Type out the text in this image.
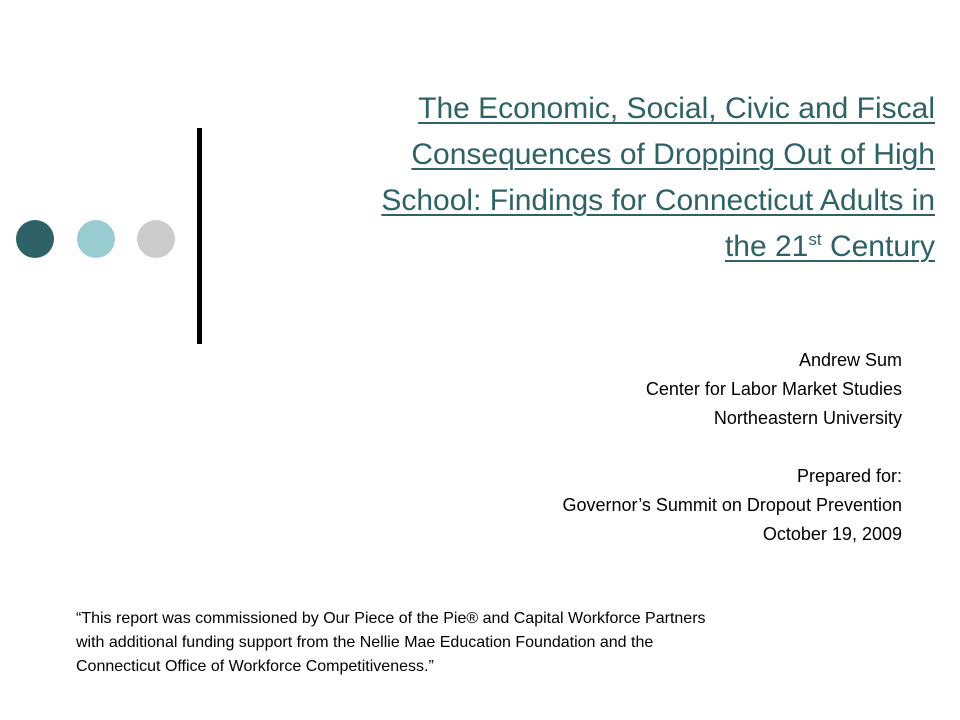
The Economic, Social, Civic and Fiscal
Consequences of Dropping Out of High
School: Findings for Connecticut Adults in
the 21st Century
Andrew Sum
Center for Labor Market Studies
Northeastern University
Prepared for:
Governor’s Summit on Dropout Prevention
October 19, 2009
“This report was commissioned by Our Piece of the Pie® and Capital Workforce Partners
with additional funding support from the Nellie Mae Education Foundation and the
Connecticut Office of Workforce Competitiveness.”
